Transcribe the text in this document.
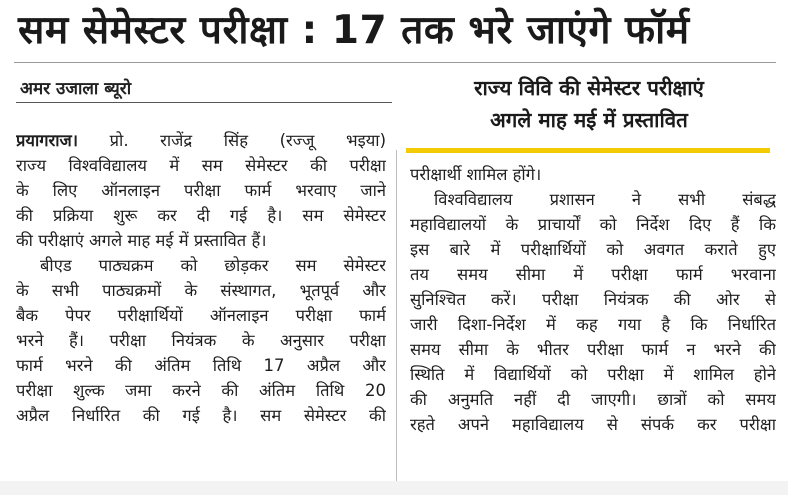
सम सेमेस्टर परीक्षा : 17 तक भरे जाएंगे फॉर्म
अमर उजाला ब्यूरो	राज्य विवि की सेमेस्टर परीक्षाएं
अगले माह मई में प्रस्तावित
प्रयागराज। प्रो. राजेंद्र सिंह (रज्जू भइया)
राज्य विश्वविद्यालय में सम सेमेस्टर की परीक्षा
के लिए ऑनलाइन परीक्षा फार्म भरवाए जाने
की प्रक्रिया शुरू कर दी गई है। सम सेमेस्टर
की परीक्षाएं अगले माह मई में प्रस्तावित हैं।
बीएड पाठ्यक्रम को छोड़कर सम सेमेस्टर
के सभी पाठ्यक्रमों के संस्थागत, भूतपूर्व और
बैक पेपर परीक्षार्थियों ऑनलाइन परीक्षा फार्म
भरने हैं। परीक्षा नियंत्रक के अनुसार परीक्षा
फार्म भरने की अंतिम तिथि 17 अप्रैल और
परीक्षा शुल्क जमा करने की अंतिम तिथि 20
अप्रैल निर्धारित की गई है। सम सेमेस्टर की
परीक्षार्थी शामिल होंगे।
विश्वविद्यालय प्रशासन ने सभी संबद्ध
महाविद्यालयों के प्राचार्यों को निर्देश दिए हैं कि
इस बारे में परीक्षार्थियों को अवगत कराते हुए
तय समय सीमा में परीक्षा फार्म भरवाना
सुनिश्चित करें। परीक्षा नियंत्रक की ओर से
जारी दिशा-निर्देश में कह गया है कि निर्धारित
समय सीमा के भीतर परीक्षा फार्म न भरने की
स्थिति में विद्यार्थियों को परीक्षा में शामिल होने
की अनुमति नहीं दी जाएगी। छात्रों को समय
रहते अपने महाविद्यालय से संपर्क कर परीक्षा
